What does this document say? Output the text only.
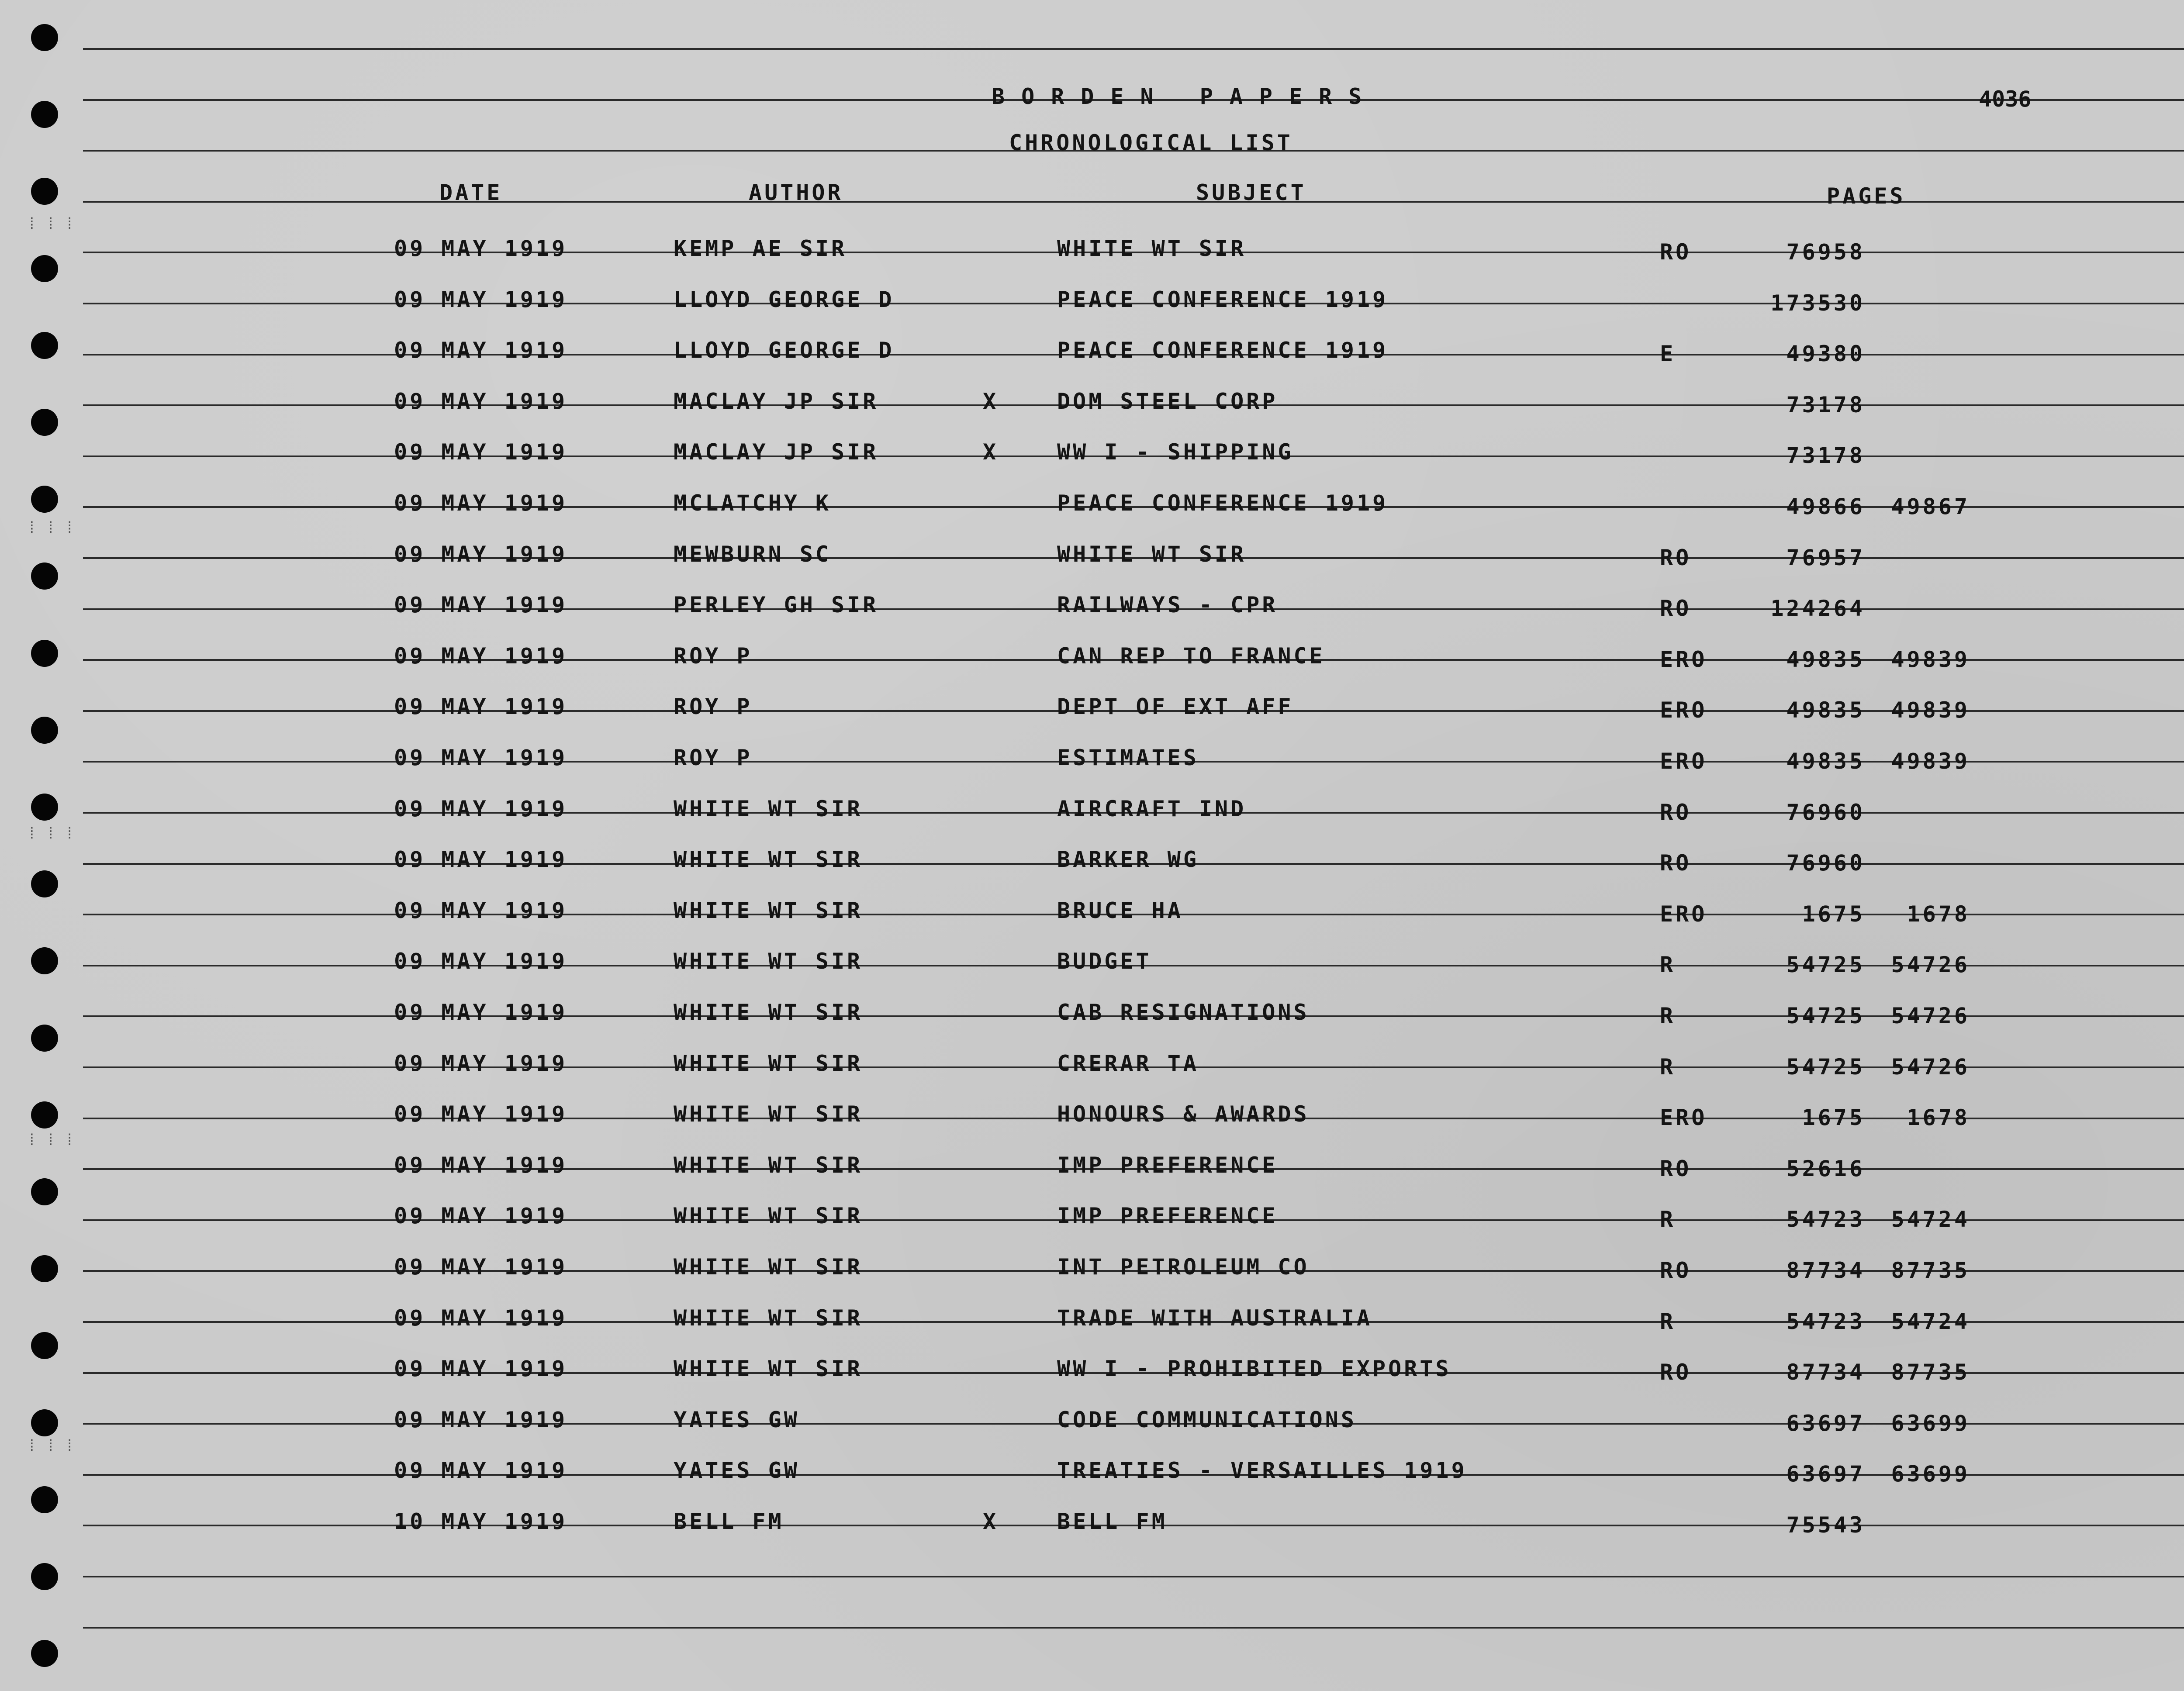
BORDEN PAPERS	4036
CHRONOLOGICAL LIST
DATE	AUTHOR	SUBJECT	PAGES
09 MAY 1919	KEMP AE SIR	WHITE WT SIR	RO	76958
09 MAY 1919	LLOYD GEORGE D	PEACE CONFERENCE 1919	173530
09 MAY 1919	LLOYD GEORGE D	PEACE CONFERENCE 1919	E	49380
09 MAY 1919	MACLAY JP SIR	X	DOM STEEL CORP	73178
09 MAY 1919	MACLAY JP SIR	X	WW I - SHIPPING	73178
09 MAY 1919	MCLATCHY K	PEACE CONFERENCE 1919	49866	49867
09 MAY 1919	MEWBURN SC	WHITE WT SIR	RO	76957
09 MAY 1919	PERLEY GH SIR	RAILWAYS - CPR	RO	124264
09 MAY 1919	ROY P	CAN REP TO FRANCE	ERO	49835	49839
09 MAY 1919	ROY P	DEPT OF EXT AFF	ERO	49835	49839
09 MAY 1919	ROY P	ESTIMATES	ERO	49835	49839
09 MAY 1919	WHITE WT SIR	AIRCRAFT IND	RO	76960
09 MAY 1919	WHITE WT SIR	BARKER WG	RO	76960
09 MAY 1919	WHITE WT SIR	BRUCE HA	ERO	1675	1678
09 MAY 1919	WHITE WT SIR	BUDGET	R	54725	54726
09 MAY 1919	WHITE WT SIR	CAB RESIGNATIONS	R	54725	54726
09 MAY 1919	WHITE WT SIR	CRERAR TA	R	54725	54726
09 MAY 1919	WHITE WT SIR	HONOURS & AWARDS	ERO	1675	1678
09 MAY 1919	WHITE WT SIR	IMP PREFERENCE	RO	52616
09 MAY 1919	WHITE WT SIR	IMP PREFERENCE	R	54723	54724
09 MAY 1919	WHITE WT SIR	INT PETROLEUM CO	RO	87734	87735
09 MAY 1919	WHITE WT SIR	TRADE WITH AUSTRALIA	R	54723	54724
09 MAY 1919	WHITE WT SIR	WW I - PROHIBITED EXPORTS	RO	87734	87735
09 MAY 1919	YATES GW	CODE COMMUNICATIONS	63697	63699
09 MAY 1919	YATES GW	TREATIES - VERSAILLES 1919	63697	63699
10 MAY 1919	BELL FM	X	BELL FM	75543
⁞ ⁞ ⁞
⁞ ⁞ ⁞
⁞ ⁞ ⁞
⁞ ⁞ ⁞
⁞ ⁞ ⁞
